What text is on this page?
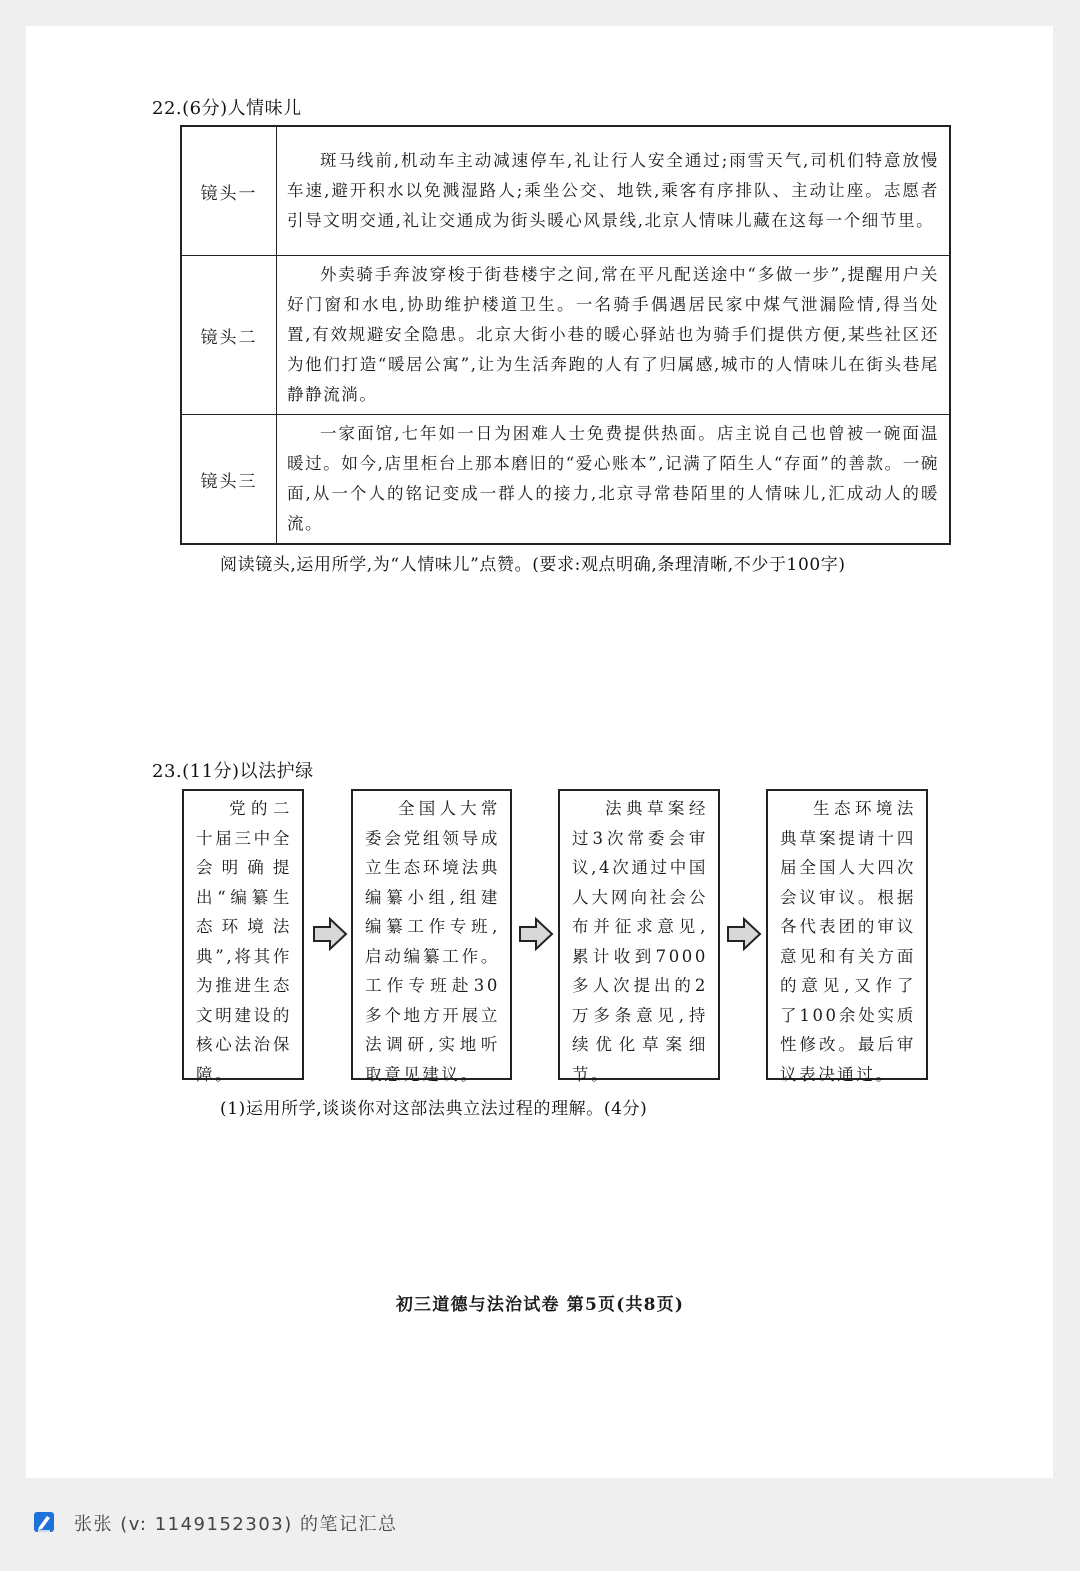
22.(6分)人情味儿
镜头一	斑马线前,机动车主动减速停车,礼让行人安全通过;雨雪天气,司机们特意放慢车速,避开积水以免溅湿路人;乘坐公交、地铁,乘客有序排队、主动让座。志愿者引导文明交通,礼让交通成为街头暖心风景线,北京人情味儿藏在这每一个细节里。
镜头二	外卖骑手奔波穿梭于街巷楼宇之间,常在平凡配送途中“多做一步”,提醒用户关好门窗和水电,协助维护楼道卫生。一名骑手偶遇居民家中煤气泄漏险情,得当处置,有效规避安全隐患。北京大街小巷的暖心驿站也为骑手们提供方便,某些社区还为他们打造“暖居公寓”,让为生活奔跑的人有了归属感,城市的人情味儿在街头巷尾静静流淌。
镜头三	一家面馆,七年如一日为困难人士免费提供热面。店主说自己也曾被一碗面温暖过。如今,店里柜台上那本磨旧的“爱心账本”,记满了陌生人“存面”的善款。一碗面,从一个人的铭记变成一群人的接力,北京寻常巷陌里的人情味儿,汇成动人的暖流。
阅读镜头,运用所学,为“人情味儿”点赞。(要求:观点明确,条理清晰,不少于100字)
23.(11分)以法护绿
党的二十届三中全会明确提出“编纂生态环境法典”,将其作为推进生态文明建设的核心法治保障。
全国人大常委会党组领导成立生态环境法典编纂小组,组建编纂工作专班,启动编纂工作。工作专班赴30多个地方开展立法调研,实地听取意见建议。
法典草案经过3次常委会审议,4次通过中国人大网向社会公布并征求意见,累计收到7000多人次提出的2万多条意见,持续优化草案细节。
生态环境法典草案提请十四届全国人大四次会议审议。根据各代表团的审议意见和有关方面的意见,又作了了100余处实质性修改。最后审议表决通过。
(1)运用所学,谈谈你对这部法典立法过程的理解。(4分)
初三道德与法治试卷 第5页(共8页)
张张 (v: 1149152303) 的笔记汇总
